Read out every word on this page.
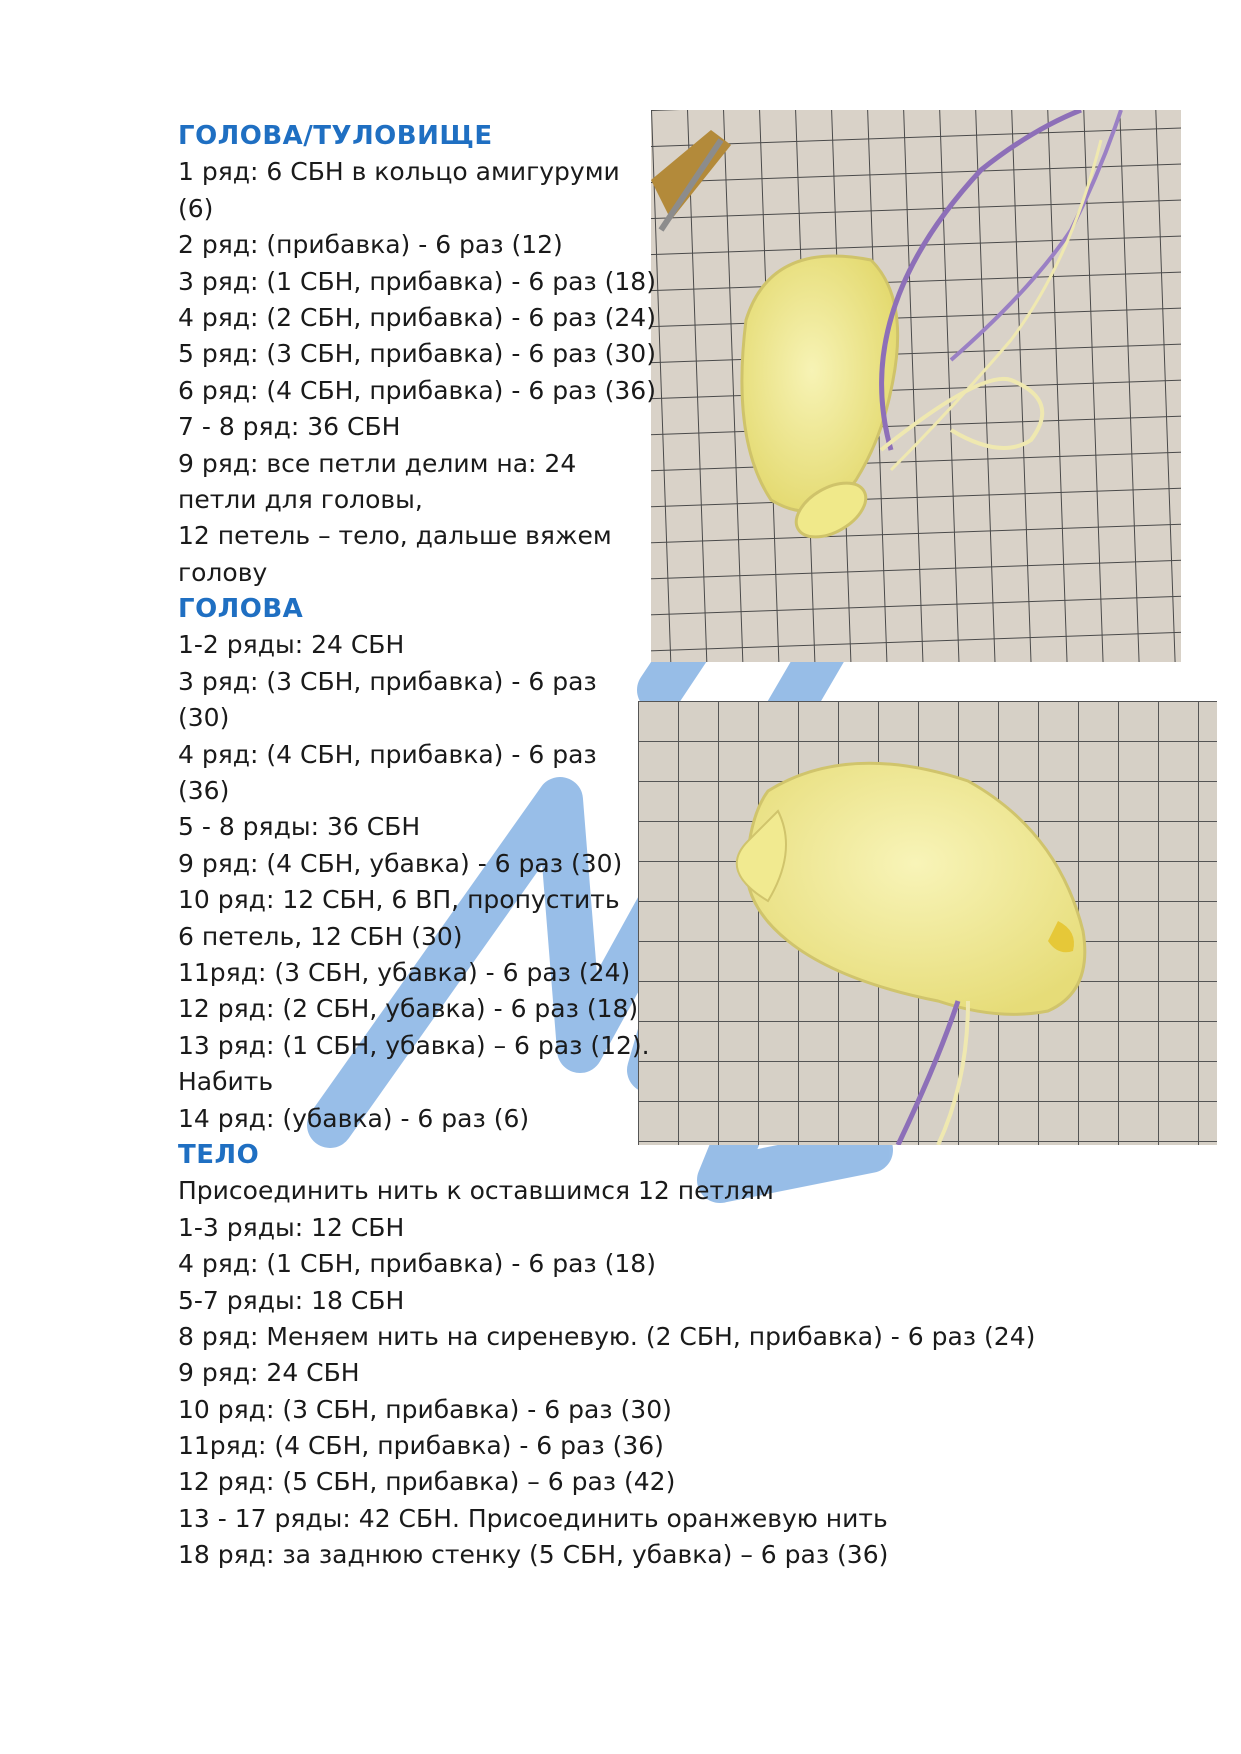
ГОЛОВА/ТУЛОВИЩЕ
1 ряд: 6 СБН в кольцо амигуруми
(6)
2 ряд: (прибавка) - 6 раз (12)
3 ряд: (1 СБН, прибавка) - 6 раз (18)
4 ряд: (2 СБН, прибавка) - 6 раз (24)
5 ряд: (3 СБН, прибавка) - 6 раз (30)
6 ряд: (4 СБН, прибавка) - 6 раз (36)
7 - 8 ряд: 36 СБН
9 ряд: все петли делим на: 24
петли для головы,
12 петель – тело, дальше вяжем
голову
ГОЛОВА
1-2 ряды: 24 СБН
3 ряд: (3 СБН, прибавка) - 6 раз
(30)
4 ряд: (4 СБН, прибавка) - 6 раз
(36)
5 - 8 ряды: 36 СБН
9 ряд: (4 СБН, убавка) - 6 раз (30)
10 ряд: 12 СБН, 6 ВП, пропустить
6 петель, 12 СБН (30)
11ряд: (3 СБН, убавка) - 6 раз (24)
12 ряд: (2 СБН, убавка) - 6 раз (18)
13 ряд: (1 СБН, убавка) – 6 раз (12).
Набить
14 ряд: (убавка) - 6 раз (6)
ТЕЛО
Присоединить нить к оставшимся 12 петлям
1-3 ряды: 12 СБН
4 ряд: (1 СБН, прибавка) - 6 раз (18)
5-7 ряды: 18 СБН
8 ряд: Меняем нить на сиреневую. (2 СБН, прибавка) - 6 раз (24)
9 ряд: 24 СБН
10 ряд: (3 СБН, прибавка) - 6 раз (30)
11ряд: (4 СБН, прибавка) - 6 раз (36)
12 ряд: (5 СБН, прибавка) – 6 раз (42)
13 - 17 ряды: 42 СБН. Присоединить оранжевую нить
18 ряд: за заднюю стенку (5 СБН, убавка) – 6 раз (36)
